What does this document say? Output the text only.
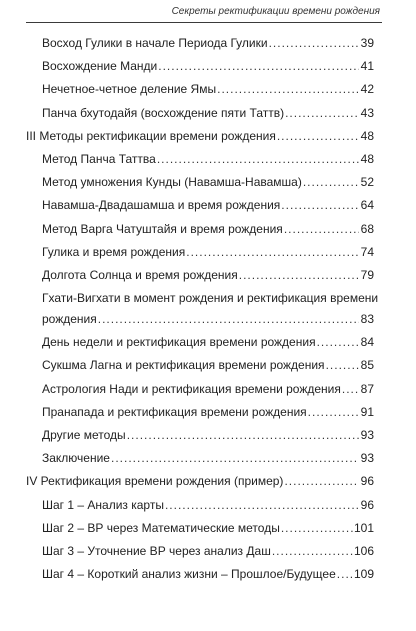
Секреты ректификации времени рождения
Восход Гулики в начале Периода Гулики .....	39
Восхождение Манди .....	41
Нечетное-четное деление Ямы .....	42
Панча бхутодайя (восхождение пяти Таттв) .....	43
III Методы ректификации времени рождения .....	48
Метод Панча Таттва .....	48
Метод умножения Кунды (Навамша-Навамша) .....	52
Навамша-Двадашамша и время рождения .....	64
Метод Варга Чатуштайя и время рождения .....	68
Гулика и время рождения .....	74
Долгота Солнца и время рождения .....	79
Гхати-Вигхати в момент рождения и ректификация времени
рождения .....	83
День недели и ректификация времени рождения .....	84
Сукшма Лагна и ректификация времени рождения .....	85
Астрология Нади и ректификация времени рождения ..... 87
Пранапада и ректификация времени рождения .....	91
Другие методы .....	93
Заключение .....	93
IV Ректификация времени рождения (пример) .....	96
Шаг 1 – Анализ карты .....	96
Шаг 2 – ВР через Математические методы .....	101
Шаг 3 – Уточнение ВР через анализ Даш .....	106
Шаг 4 – Короткий анализ жизни – Прошлое/Будущее ..... 109
